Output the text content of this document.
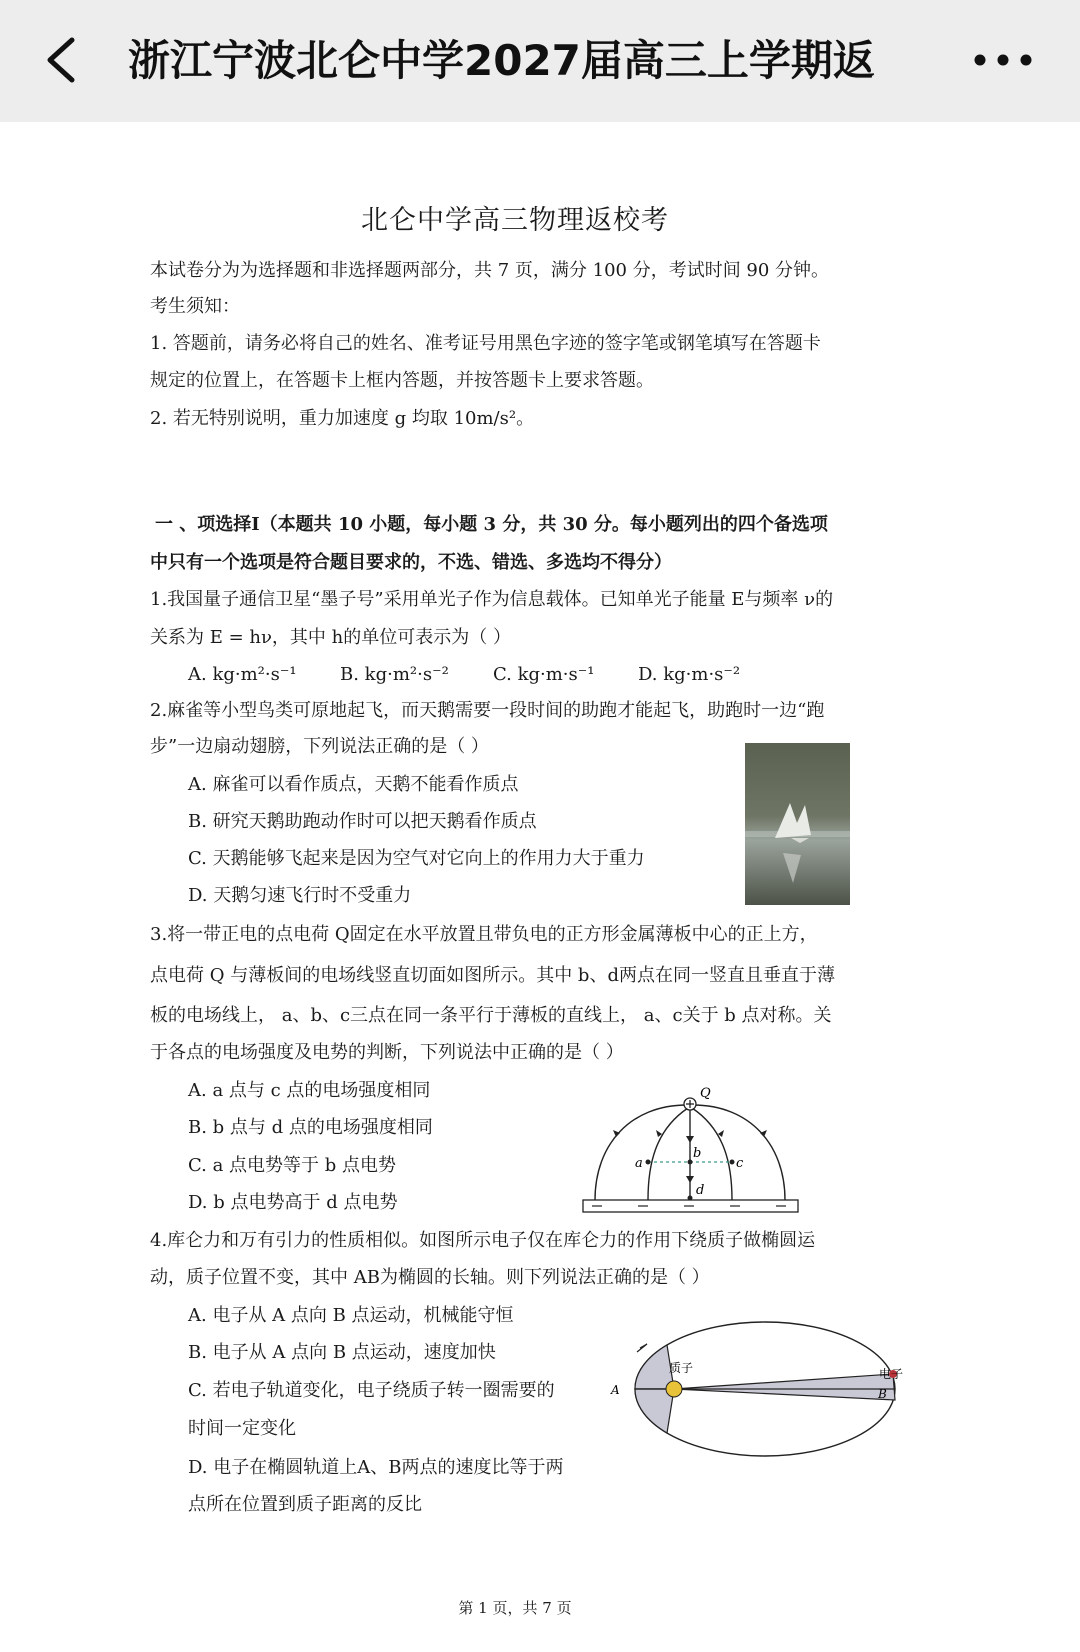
浙江宁波北仑中学2027届高三上学期返
北仑中学高三物理返校考
本试卷分为为选择题和非选择题两部分，共 7 页，满分 100 分，考试时间 90 分钟。
考生须知：
1. 答题前，请务必将自己的姓名、准考证号用黑色字迹的签字笔或钢笔填写在答题卡
规定的位置上，在答题卡上框内答题，并按答题卡上要求答题。
2. 若无特别说明，重力加速度 g 均取 10m/s²。
一 、项选择Ⅰ（本题共 10 小题，每小题 3 分，共 30 分。每小题列出的四个备选项
中只有一个选项是符合题目要求的，不选、错选、多选均不得分）
1.我国量子通信卫星“墨子号”采用单光子作为信息载体。已知单光子能量 E与频率 ν的
关系为 E = hν，其中 h的单位可表示为（ ）
A. kg·m²·s⁻¹ B. kg·m²·s⁻² C. kg·m·s⁻¹ D. kg·m·s⁻²
2.麻雀等小型鸟类可原地起飞，而天鹅需要一段时间的助跑才能起飞，助跑时一边“跑
步”一边扇动翅膀，下列说法正确的是（ ）
A. 麻雀可以看作质点，天鹅不能看作质点
B. 研究天鹅助跑动作时可以把天鹅看作质点
C. 天鹅能够飞起来是因为空气对它向上的作用力大于重力
D. 天鹅匀速飞行时不受重力
3.将一带正电的点电荷 Q固定在水平放置且带负电的正方形金属薄板中心的正上方，
点电荷 Q 与薄板间的电场线竖直切面如图所示。其中 b、d两点在同一竖直且垂直于薄
板的电场线上， a、b、c三点在同一条平行于薄板的直线上， a、c关于 b 点对称。关
于各点的电场强度及电势的判断，下列说法中正确的是（ ）
A. a 点与 c 点的电场强度相同
B. b 点与 d 点的电场强度相同
C. a 点电势等于 b 点电势
D. b 点电势高于 d 点电势
Q
a
b
c
d
4.库仑力和万有引力的性质相似。如图所示电子仅在库仑力的作用下绕质子做椭圆运
动，质子位置不变，其中 AB为椭圆的长轴。则下列说法正确的是（ ）
A. 电子从 A 点向 B 点运动，机械能守恒
B. 电子从 A 点向 B 点运动，速度加快
C. 若电子轨道变化，电子绕质子转一圈需要的
时间一定变化
D. 电子在椭圆轨道上A、B两点的速度比等于两
点所在位置到质子距离的反比
质子	电子
A	B
第 1 页，共 7 页
